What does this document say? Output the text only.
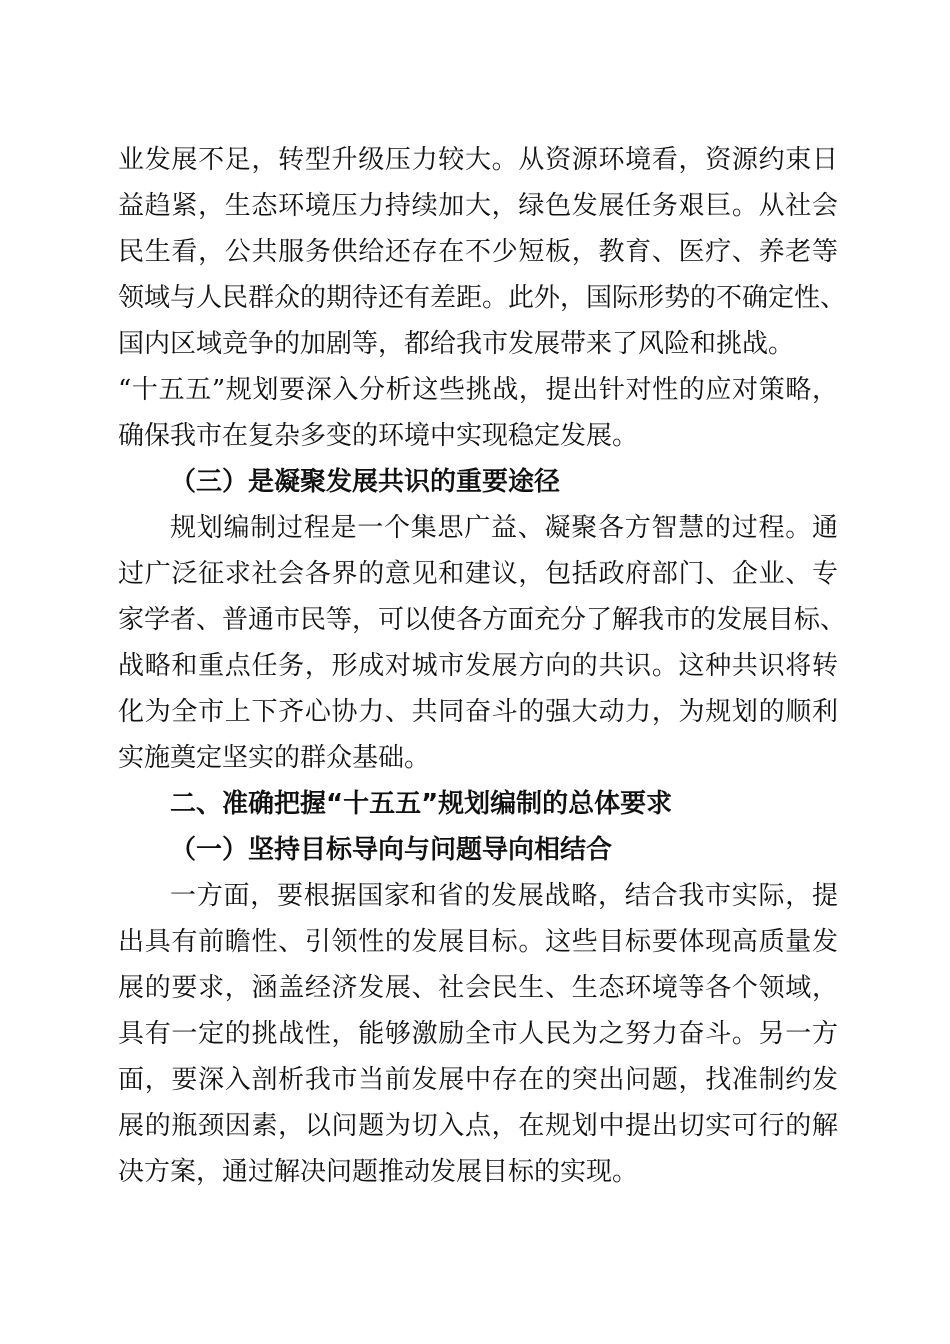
业发展不足，转型升级压力较大。从资源环境看，资源约束日
益趋紧，生态环境压力持续加大，绿色发展任务艰巨。从社会
民生看，公共服务供给还存在不少短板，教育、医疗、养老等
领域与人民群众的期待还有差距。此外，国际形势的不确定性、
国内区域竞争的加剧等，都给我市发展带来了风险和挑战。
“十五五”规划要深入分析这些挑战，提出针对性的应对策略，
确保我市在复杂多变的环境中实现稳定发展。
（三）是凝聚发展共识的重要途径
规划编制过程是一个集思广益、凝聚各方智慧的过程。通
过广泛征求社会各界的意见和建议，包括政府部门、企业、专
家学者、普通市民等，可以使各方面充分了解我市的发展目标、
战略和重点任务，形成对城市发展方向的共识。这种共识将转
化为全市上下齐心协力、共同奋斗的强大动力，为规划的顺利
实施奠定坚实的群众基础。
二、准确把握“十五五”规划编制的总体要求
（一）坚持目标导向与问题导向相结合
一方面，要根据国家和省的发展战略，结合我市实际，提
出具有前瞻性、引领性的发展目标。这些目标要体现高质量发
展的要求，涵盖经济发展、社会民生、生态环境等各个领域，
具有一定的挑战性，能够激励全市人民为之努力奋斗。另一方
面，要深入剖析我市当前发展中存在的突出问题，找准制约发
展的瓶颈因素，以问题为切入点，在规划中提出切实可行的解
决方案，通过解决问题推动发展目标的实现。
